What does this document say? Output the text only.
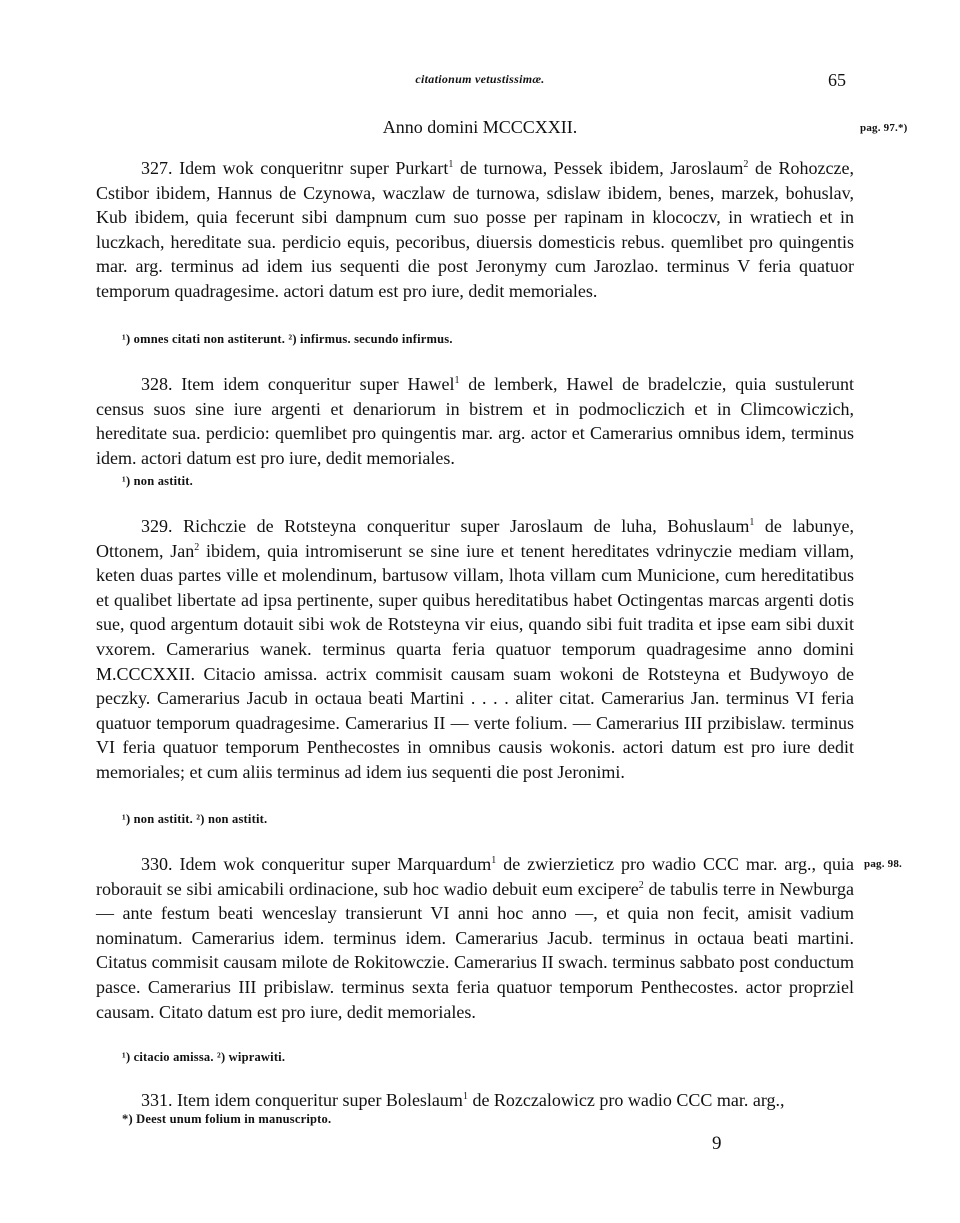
citationum vetustissimæ.	65
Anno domini MCCCXXII.	pag. 97.*)

327. Idem wok conqueritnr super Purkart$^1$ de turnowa, Pessek ibidem, Jaroslaum$^2$ de Rohozcze, Cstibor ibidem, Hannus de Czynowa, waczlaw de turnowa, sdislaw ibidem, benes, marzek, bohuslav, Kub ibidem, quia fecerunt sibi dampnum cum suo posse per rapinam in klococzv, in wratiech et in luczkach, hereditate sua. perdicio equis, pecoribus, diuersis domesticis rebus. quemlibet pro quingentis mar. arg. terminus ad idem ius sequenti die post Jeronymy cum Jarozlao. terminus V feria quatuor temporum quadragesime. actori datum est pro iure, dedit memoriales.

¹) omnes citati non astiterunt. ²) infirmus. secundo infirmus.

328. Item idem conqueritur super Hawel$^1$ de lemberk, Hawel de bradelczie, quia sustulerunt census suos sine iure argenti et denariorum in bistrem et in podmocliczich et in Climcowiczich, hereditate sua. perdicio: quemlibet pro quingentis mar. arg. actor et Camerarius omnibus idem, terminus idem. actori datum est pro iure, dedit memoriales.

¹) non astitit.

329. Richczie de Rotsteyna conqueritur super Jaroslaum de luha, Bohuslaum$^1$ de labunye, Ottonem, Jan$^2$ ibidem, quia intromiserunt se sine iure et tenent hereditates vdrinyczie mediam villam, keten duas partes ville et molendinum, bartusow villam, lhota villam cum Municione, cum hereditatibus et qualibet libertate ad ipsa pertinente, super quibus hereditatibus habet Octingentas marcas argenti dotis sue, quod argentum dotauit sibi wok de Rotsteyna vir eius, quando sibi fuit tradita et ipse eam sibi duxit vxorem. Camerarius wanek. terminus quarta feria quatuor temporum quadragesime anno domini M.CCCXXII. Citacio amissa. actrix commisit causam suam wokoni de Rotsteyna et Budywoyo de peczky. Camerarius Jacub in octaua beati Martini . . . . aliter citat. Camerarius Jan. terminus VI feria quatuor temporum quadragesime. Camerarius II — verte folium. — Camerarius III przibislaw. terminus VI feria quatuor temporum Penthecostes in omnibus causis wokonis. actori datum est pro iure dedit memoriales; et cum aliis terminus ad idem ius sequenti die post Jeronimi.

¹) non astitit. ²) non astitit.
pag. 98.

330. Idem wok conqueritur super Marquardum$^1$ de zwierzieticz pro wadio CCC mar. arg., quia roborauit se sibi amicabili ordinacione, sub hoc wadio debuit eum excipere$^2$ de tabulis terre in Newburga — ante festum beati wenceslay transierunt VI anni hoc anno —, et quia non fecit, amisit vadium nominatum. Camerarius idem. terminus idem. Camerarius Jacub. terminus in octaua beati martini. Citatus commisit causam milote de Rokitowczie. Camerarius II swach. terminus sabbato post conductum pasce. Camerarius III pribislaw. terminus sexta feria quatuor temporum Penthecostes. actor proprziel causam. Citato datum est pro iure, dedit memoriales.

¹) citacio amissa. ²) wiprawiti.

331. Item idem conqueritur super Boleslaum$^1$ de Rozczalowicz pro wadio CCC mar. arg.,

*) Deest unum folium in manuscripto.
9
